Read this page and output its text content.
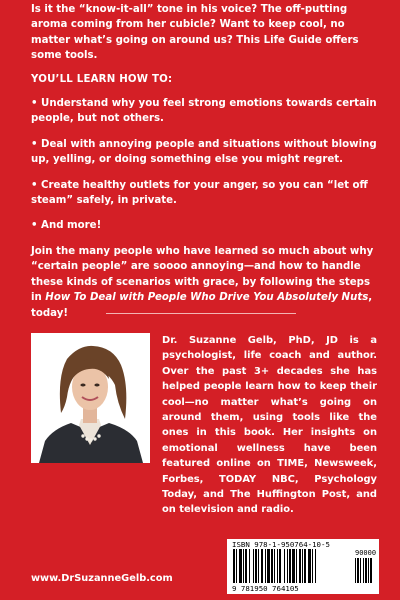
Is it the “know-it-all” tone in his voice? The off-putting aroma coming from her cubicle? Want to keep cool, no matter what’s going on around us? This Life Guide offers some tools.

YOU’LL LEARN HOW TO:

• Understand why you feel strong emotions towards certain people, but not others.

• Deal with annoying people and situations without blowing up, yelling, or doing something else you might regret.

• Create healthy outlets for your anger, so you can “let off steam” safely, in private.

• And more!

Join the many people who have learned so much about why “certain people” are soooo annoying—and how to handle these kinds of scenarios with grace, by following the steps in How To Deal with People Who Drive You Absolutely Nuts, today!

Dr. Suzanne Gelb, PhD, JD is a psychologist, life coach and author. Over the past 3+ decades she has helped people learn how to keep their cool—no matter what’s going on around them, using tools like the ones in this book. Her insights on emotional wellness have been featured online on TIME, Newsweek, Forbes, TODAY NBC, Psychology Today, and The Huffington Post, and on television and radio.
ISBN 978-1-950764-10-5
90000
9 781950 764105
www.DrSuzanneGelb.com
